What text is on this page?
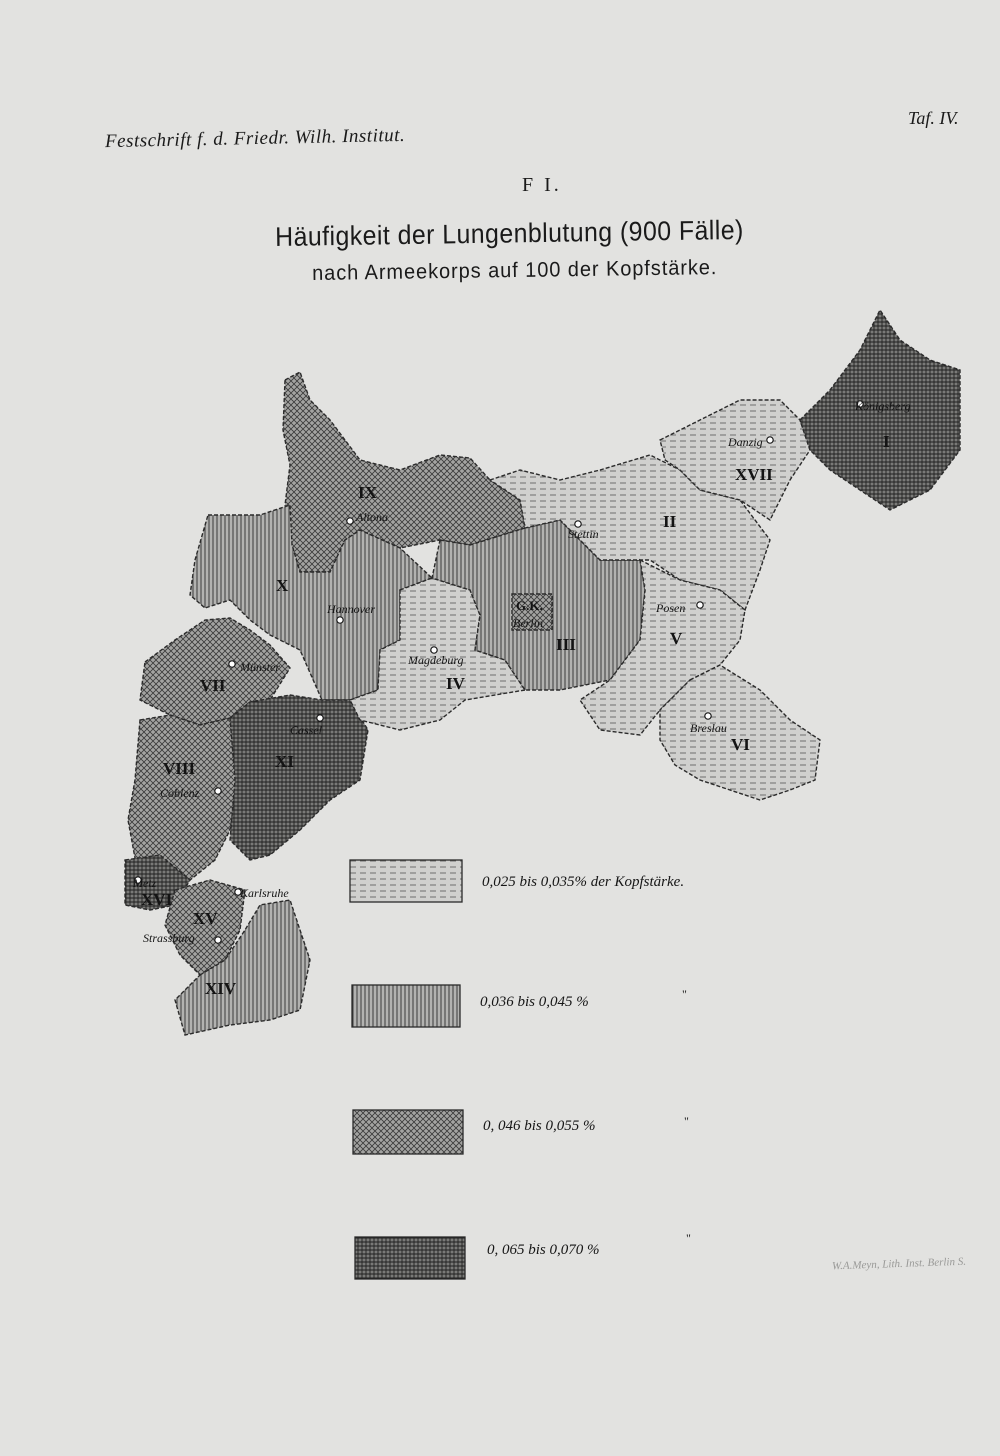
Festschrift f. d. Friedr. Wilh. Institut.
Taf. IV.
F I.
Häufigkeit der Lungenblutung (900 Fälle)
nach Armeekorps auf 100 der Kopfstärke.
I
II
III
IV
V
VI
VII
VIII
IX
X
XI
XIV
XV
XVI
XVII
G.K.
Königsberg
Danzig
Stettin
Altona
Hannover
Berlin
Posen
Magdeburg
Münster
Cassel	Breslau
Coblenz
Metz
Karlsruhe
Strassburg
0,025 bis 0,035% der Kopfstärke.
0,036 bis 0,045 %	"
0, 046 bis 0,055 %	"
0, 065 bis 0,070 %
"
W.A.Meyn, Lith. Inst. Berlin S.
